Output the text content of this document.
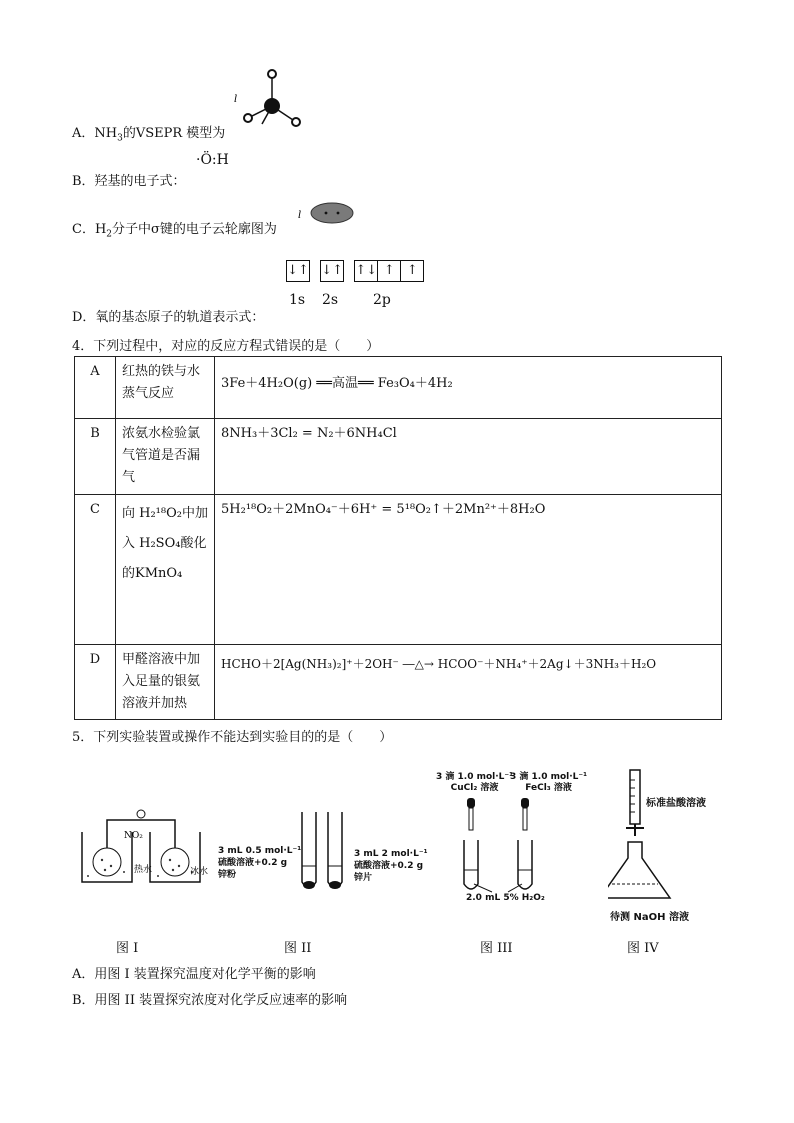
A．$NH_3$的VSEPR 模型为
l
B．羟基的电子式：
·Ö:H
C．$H_2$分子中σ键的电子云轮廓图为
l
↓↑ ↓↑ ↑↓ ↑ ↑
1s 2s 2p
D．氧的基态原子的轨道表示式：
4．下列过程中，对应的反应方程式错误的是（　　）
A	红热的铁与水蒸气反应	3Fe＋4H₂O(g) ══高温══ Fe₃O₄＋4H₂
B	浓氨水检验氯气管道是否漏气	8NH₃＋3Cl₂ = N₂＋6NH₄Cl
C	向 H₂¹⁸O₂中加入 H₂SO₄酸化的KMnO₄	5H₂¹⁸O₂＋2MnO₄⁻＋6H⁺ = 5¹⁸O₂↑＋2Mn²⁺＋8H₂O
D	甲醛溶液中加入足量的银氨溶液并加热	HCHO＋2[Ag(NH₃)₂]⁺＋2OH⁻ ―△→ HCOO⁻＋NH₄⁺＋2Ag↓＋3NH₃＋H₂O
5．下列实验装置或操作不能达到实验目的的是（　　）
NO₂
热水	冰水
图 I
3 mL 0.5 mol·L⁻¹
硫酸溶液+0.2 g
锌粉
3 mL 2 mol·L⁻¹
硫酸溶液+0.2 g
锌片
图 II
3 滴 1.0 mol·L⁻¹
CuCl₂ 溶液
3 滴 1.0 mol·L⁻¹
FeCl₃ 溶液
2.0 mL 5% H₂O₂
图 III
标准盐酸溶液
待测 NaOH 溶液
图 IV
A．用图 I 装置探究温度对化学平衡的影响
B．用图 II 装置探究浓度对化学反应速率的影响
